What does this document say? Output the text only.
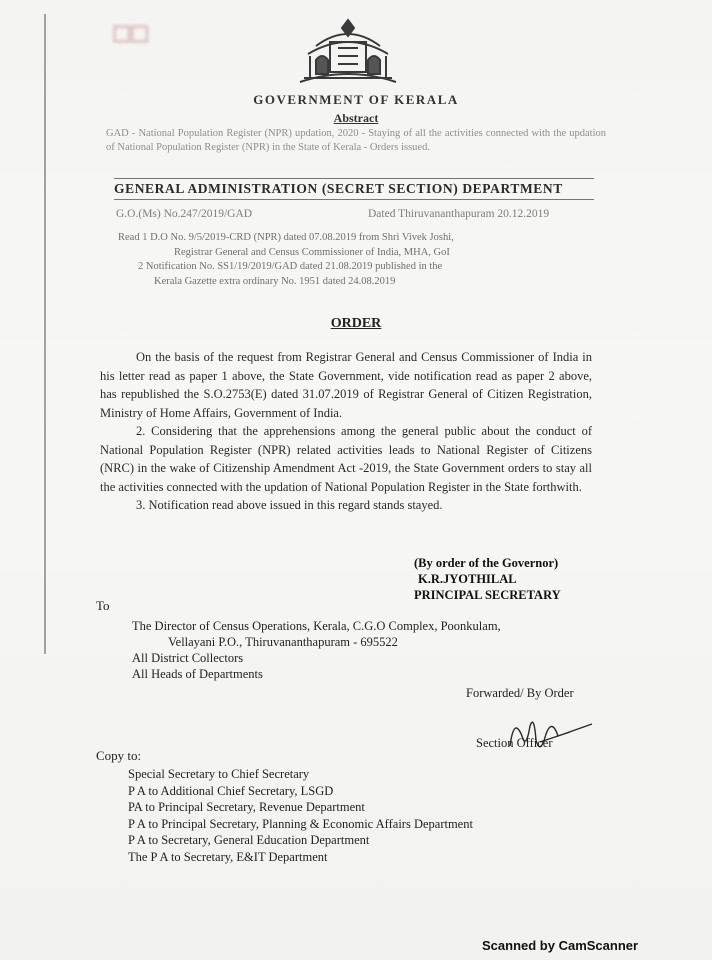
☐☐
GOVERNMENT OF KERALA
Abstract
GAD - National Population Register (NPR) updation, 2020 - Staying of all the activities connected with the updation of National Population Register (NPR) in the State of Kerala - Orders issued.
GENERAL ADMINISTRATION (SECRET SECTION) DEPARTMENT
G.O.(Ms) No.247/2019/GAD	Dated Thiruvananthapuram 20.12.2019
Read 1 D.O No. 9/5/2019-CRD (NPR) dated 07.08.2019 from Shri Vivek Joshi,
Registrar General and Census Commissioner of India, MHA, GoI
2 Notification No. SS1/19/2019/GAD dated 21.08.2019 published in the
Kerala Gazette extra ordinary No. 1951 dated 24.08.2019
ORDER

On the basis of the request from Registrar General and Census Commissioner of India in his letter read as paper 1 above, the State Government, vide notification read as paper 2 above, has republished the S.O.2753(E) dated 31.07.2019 of Registrar General of Citizen Registration, Ministry of Home Affairs, Government of India.

2. Considering that the apprehensions among the general public about the conduct of National Population Register (NPR) related activities leads to National Register of Citizens (NRC) in the wake of Citizenship Amendment Act -2019, the State Government orders to stay all the activities connected with the updation of National Population Register in the State forthwith.

3. Notification read above issued in this regard stands stayed.

(By order of the Governor)
K.R.JYOTHILAL
PRINCIPAL SECRETARY
To
The Director of Census Operations, Kerala, C.G.O Complex, Poonkulam,
Vellayani P.O., Thiruvananthapuram - 695522
All District Collectors
All Heads of Departments
Forwarded/ By Order
Section Officer
Copy to:
Special Secretary to Chief Secretary
P A to Additional Chief Secretary, LSGD
PA to Principal Secretary, Revenue Department
P A to Principal Secretary, Planning & Economic Affairs Department
P A to Secretary, General Education Department
The P A to Secretary, E&IT Department
Scanned by CamScanner
